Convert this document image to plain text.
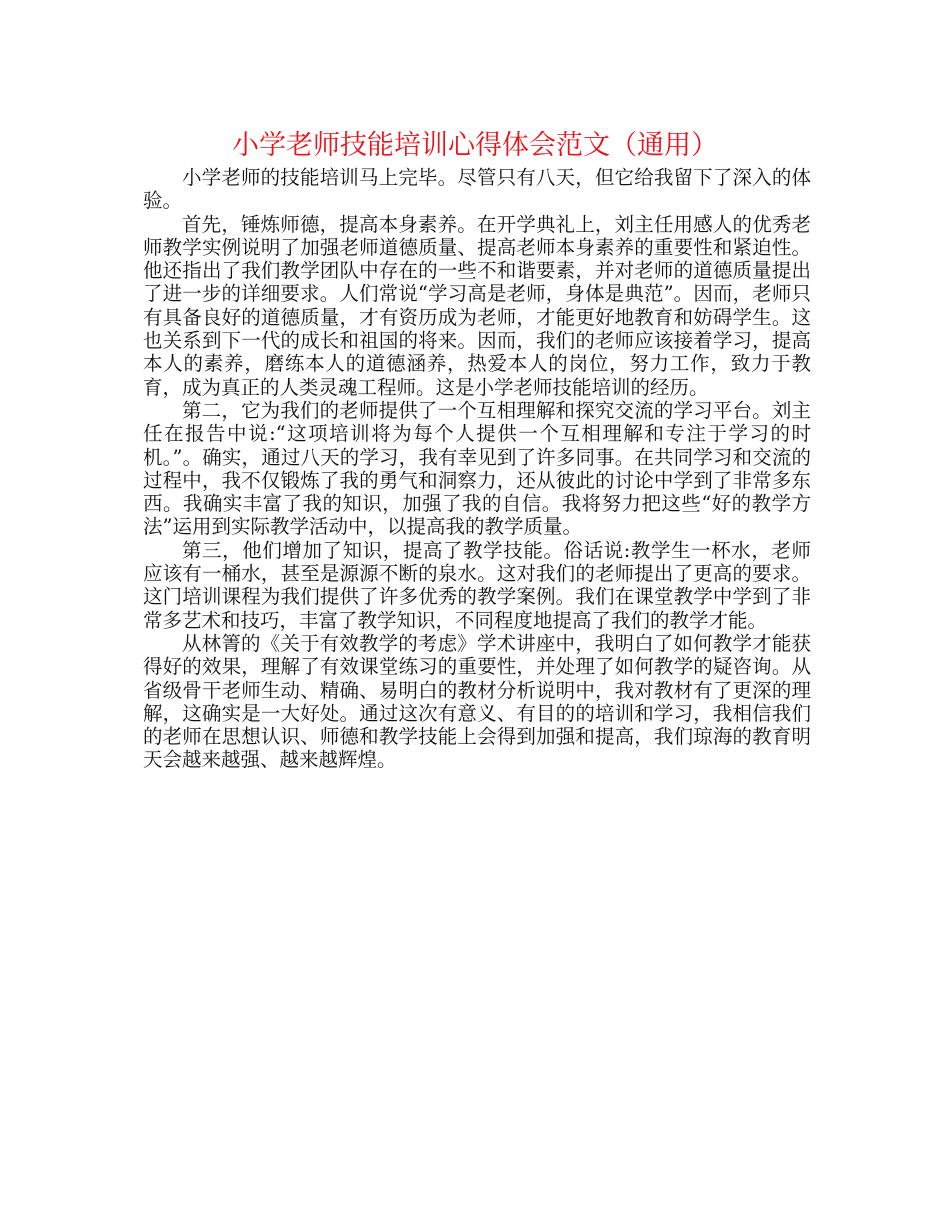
小学老师技能培训心得体会范文（通用）

小学老师的技能培训马上完毕。尽管只有八天，但它给我留下了深入的体验。

首先，锤炼师德，提高本身素养。在开学典礼上，刘主任用感人的优秀老师教学实例说明了加强老师道德质量、提高老师本身素养的重要性和紧迫性。他还指出了我们教学团队中存在的一些不和谐要素，并对老师的道德质量提出了进一步的详细要求。人们常说“学习高是老师，身体是典范”。因而，老师只有具备良好的道德质量，才有资历成为老师，才能更好地教育和妨碍学生。这也关系到下一代的成长和祖国的将来。因而，我们的老师应该接着学习，提高本人的素养，磨练本人的道德涵养，热爱本人的岗位，努力工作，致力于教育，成为真正的人类灵魂工程师。这是小学老师技能培训的经历。

第二，它为我们的老师提供了一个互相理解和探究交流的学习平台。刘主任在报告中说:“这项培训将为每个人提供一个互相理解和专注于学习的时机。”。确实，通过八天的学习，我有幸见到了许多同事。在共同学习和交流的过程中，我不仅锻炼了我的勇气和洞察力，还从彼此的讨论中学到了非常多东西。我确实丰富了我的知识，加强了我的自信。我将努力把这些“好的教学方法”运用到实际教学活动中，以提高我的教学质量。

第三，他们增加了知识，提高了教学技能。俗话说:教学生一杯水，老师应该有一桶水，甚至是源源不断的泉水。这对我们的老师提出了更高的要求。这门培训课程为我们提供了许多优秀的教学案例。我们在课堂教学中学到了非常多艺术和技巧，丰富了教学知识，不同程度地提高了我们的教学才能。

从林箐的《关于有效教学的考虑》学术讲座中，我明白了如何教学才能获得好的效果，理解了有效课堂练习的重要性，并处理了如何教学的疑咨询。从省级骨干老师生动、精确、易明白的教材分析说明中，我对教材有了更深的理解，这确实是一大好处。通过这次有意义、有目的的培训和学习，我相信我们的老师在思想认识、师德和教学技能上会得到加强和提高，我们琼海的教育明天会越来越强、越来越辉煌。
